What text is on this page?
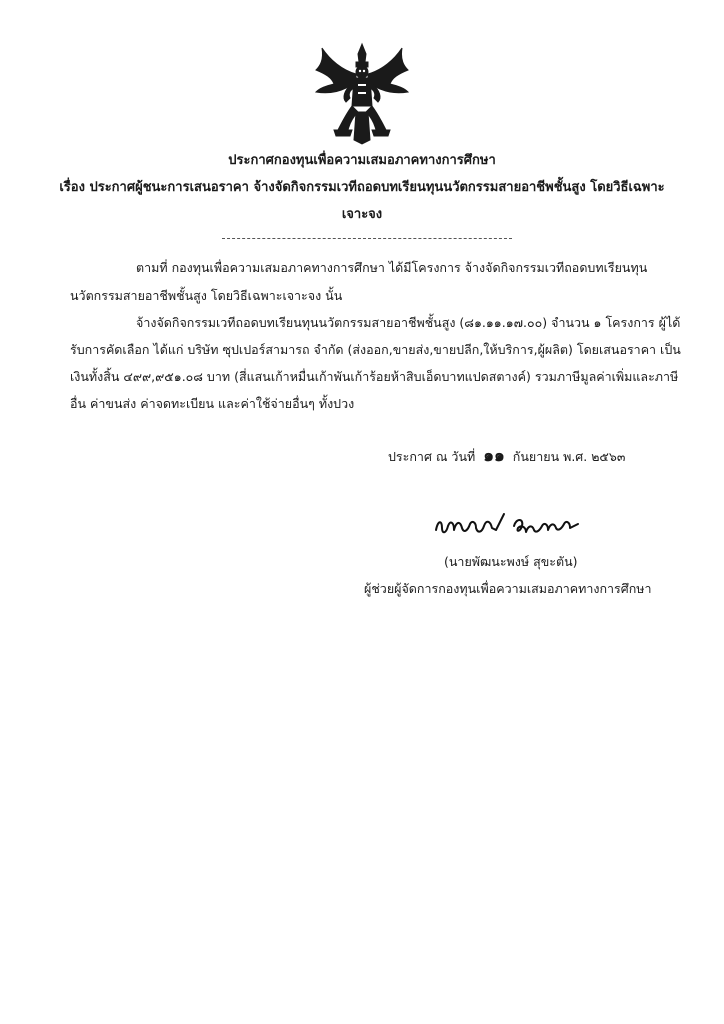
ประกาศกองทุนเพื่อความเสมอภาคทางการศึกษา
เรื่อง ประกาศผู้ชนะการเสนอราคา จ้างจัดกิจกรรมเวทีถอดบทเรียนทุนนวัตกรรมสายอาชีพชั้นสูง โดยวิธีเฉพาะ
เจาะจง
ตามที่ กองทุนเพื่อความเสมอภาคทางการศึกษา ได้มีโครงการ จ้างจัดกิจกรรมเวทีถอดบทเรียนทุน
นวัตกรรมสายอาชีพชั้นสูง โดยวิธีเฉพาะเจาะจง นั้น
จ้างจัดกิจกรรมเวทีถอดบทเรียนทุนนวัตกรรมสายอาชีพชั้นสูง (๘๑.๑๑.๑๗.๐๐) จำนวน ๑ โครงการ ผู้ได้
รับการคัดเลือก ได้แก่ บริษัท ซุปเปอร์สามารถ จำกัด (ส่งออก,ขายส่ง,ขายปลีก,ให้บริการ,ผู้ผลิต) โดยเสนอราคา เป็น
เงินทั้งสิ้น ๔๙๙,๙๕๑.๐๘ บาท (สี่แสนเก้าหมื่นเก้าพันเก้าร้อยห้าสิบเอ็ดบาทแปดสตางค์) รวมภาษีมูลค่าเพิ่มและภาษี
อื่น ค่าขนส่ง ค่าจดทะเบียน และค่าใช้จ่ายอื่นๆ ทั้งปวง
ประกาศ ณ วันที่ ๑๑ กันยายน พ.ศ. ๒๕๖๓
(นายพัฒนะพงษ์ สุขะตัน)
ผู้ช่วยผู้จัดการกองทุนเพื่อความเสมอภาคทางการศึกษา
